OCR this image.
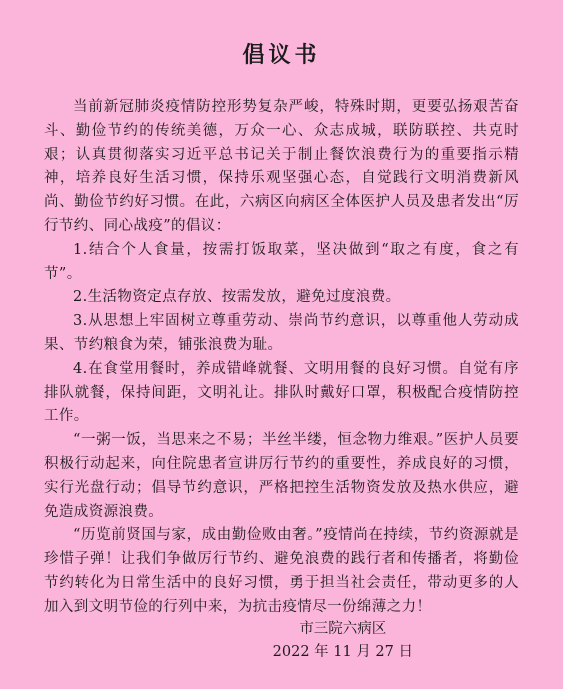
倡议书

当前新冠肺炎疫情防控形势复杂严峻，特殊时期，更要弘扬艰苦奋斗、勤俭节约的传统美德，万众一心、众志成城，联防联控、共克时艰；认真贯彻落实习近平总书记关于制止餐饮浪费行为的重要指示精神，培养良好生活习惯，保持乐观坚强心态，自觉践行文明消费新风尚、勤俭节约好习惯。在此，六病区向病区全体医护人员及患者发出“厉行节约、同心战疫”的倡议：

1.结合个人食量，按需打饭取菜，坚决做到“取之有度，食之有节”。

2.生活物资定点存放、按需发放，避免过度浪费。

3.从思想上牢固树立尊重劳动、崇尚节约意识，以尊重他人劳动成果、节约粮食为荣，铺张浪费为耻。

4.在食堂用餐时，养成错峰就餐、文明用餐的良好习惯。自觉有序排队就餐，保持间距，文明礼让。排队时戴好口罩，积极配合疫情防控工作。

“一粥一饭，当思来之不易；半丝半缕，恒念物力维艰。”医护人员要积极行动起来，向住院患者宣讲厉行节约的重要性，养成良好的习惯，实行光盘行动；倡导节约意识，严格把控生活物资发放及热水供应，避免造成资源浪费。

“历览前贤国与家，成由勤俭败由奢。”疫情尚在持续，节约资源就是珍惜子弹！让我们争做厉行节约、避免浪费的践行者和传播者，将勤俭节约转化为日常生活中的良好习惯，勇于担当社会责任，带动更多的人加入到文明节俭的行列中来，为抗击疫情尽一份绵薄之力！

市三院六病区
2022 年 11 月 27 日
